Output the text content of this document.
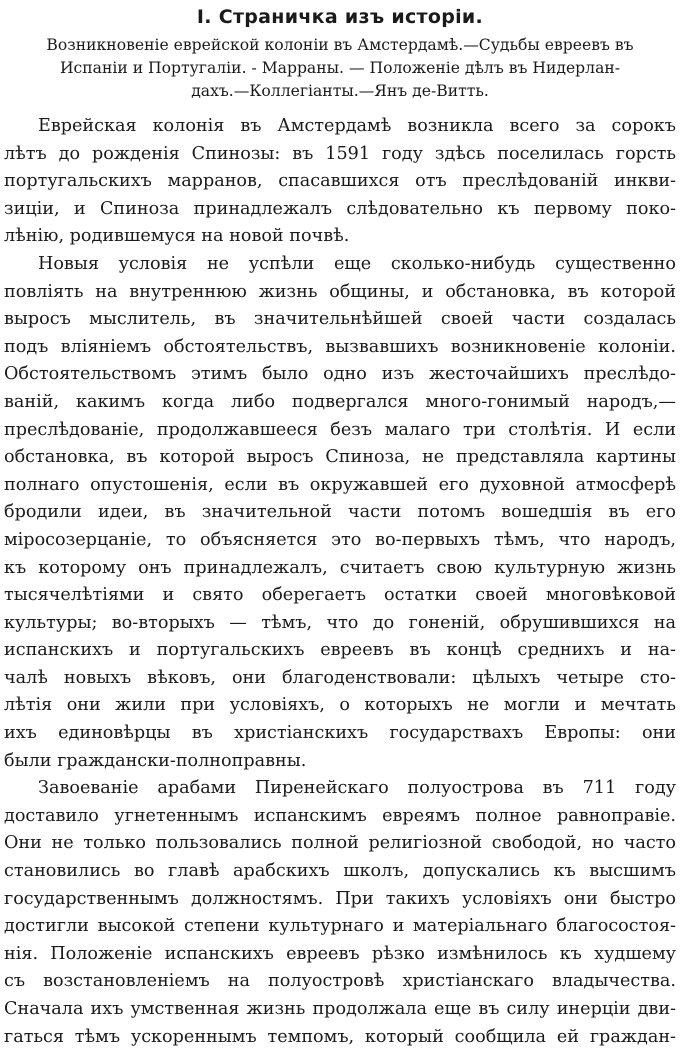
I. Страничка изъ исторіи.
Возникновеніе еврейской колоніи въ Амстердамѣ.—Судьбы евреевъ въ
Испаніи и Португаліи. - Марраны. — Положеніе дѣлъ въ Нидерлан-
дахъ.—Коллегіанты.—Янъ де-Витть.
Еврейская колонія въ Амстердамѣ возникла всего за сорокъ
лѣтъ до рожденія Спинозы: въ 1591 году здѣсь поселилась горсть
португальскихъ марранов, спасавшихся отъ преслѣдованій инкви-
зиціи, и Спиноза принадлежалъ слѣдовательно къ первому поко-
лѣнію, родившемуся на новой почвѣ.
Новыя условія не успѣли еще сколько-нибудь существенно
повліять на внутреннюю жизнь общины, и обстановка, въ которой
выросъ мыслитель, въ значительнѣйшей своей части создалась
подъ вліяніемъ обстоятельствъ, вызвавшихъ возникновеніе колоніи.
Обстоятельствомъ этимъ было одно изъ жесточайшихъ преслѣдо-
ваній, какимъ когда либо подвергался много-гонимый народъ,—
преслѣдованіе, продолжавшееся безъ малаго три столѣтія. И если
обстановка, въ которой выросъ Спиноза, не представляла картины
полнаго опустошенія, если въ окружавшей его духовной атмосферѣ
бродили идеи, въ значительной части потомъ вошедшія въ его
міросозерцаніе, то объясняется это во-первыхъ тѣмъ, что народъ,
къ которому онъ принадлежалъ, считаетъ свою культурную жизнь
тысячелѣтіями и свято оберегаетъ остатки своей многовѣковой
культуры; во-вторыхъ — тѣмъ, что до гоненій, обрушившихся на
испанскихъ и португальскихъ евреевъ въ концѣ среднихъ и на-
чалѣ новыхъ вѣковъ, они благоденствовали: цѣлыхъ четыре сто-
лѣтія они жили при условіяхъ, о которыхъ не могли и мечтать
ихъ единовѣрцы въ христіанскихъ государствахъ Европы: они
были граждански-полноправны.
Завоеваніе арабами Пиренейскаго полуострова въ 711 году
доставило угнетеннымъ испанскимъ евреямъ полное равноправіе.
Они не только пользовались полной религіозной свободой, но часто
становились во главѣ арабскихъ школъ, допускались къ высшимъ
государственнымъ должностямъ. При такихъ условіяхъ они быстро
достигли высокой степени культурнаго и матеріальнаго благосостоя-
нія. Положеніе испанскихъ евреевъ рѣзко измѣнилось къ худшему
съ возстановленіемъ на полуостровѣ христіанскаго владычества.
Сначала ихъ умственная жизнь продолжала еще въ силу инерціи дви-
гаться тѣмъ ускореннымъ темпомъ, который сообщила ей граждан-
